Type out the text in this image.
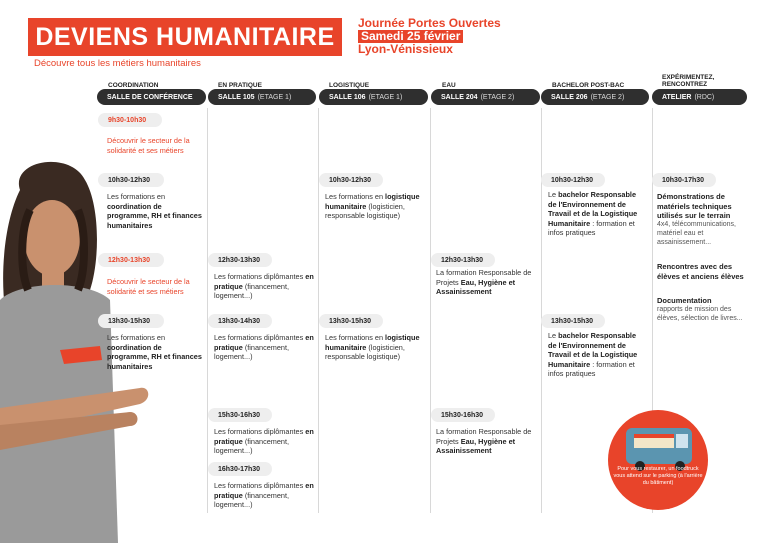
DEVIENS HUMANITAIRE
Découvre tous les métiers humanitaires
Journée Portes Ouvertes
Samedi 25 février
Lyon-Vénissieux
COORDINATION
SALLE DE CONFÉRENCE
EN PRATIQUE
SALLE 105 (ETAGE 1)
LOGISTIQUE
SALLE 106 (ETAGE 1)
EAU
SALLE 204 (ETAGE 2)
BACHELOR POST-BAC
SALLE 206 (ETAGE 2)
EXPÉRIMENTEZ, RENCONTREZ
ATELIER (RDC)
9h30-10h30
Découvrir le secteur de la solidarité et ses métiers
10h30-12h30
Les formations en coordination de programme, RH et finances humanitaires
12h30-13h30
Découvrir le secteur de la solidarité et ses métiers
13h30-15h30
Les formations en coordination de programme, RH et finances humanitaires
12h30-13h30
Les formations diplômantes en pratique (financement, logement...)
13h30-14h30
Les formations diplômantes en pratique (financement, logement...)
15h30-16h30
Les formations diplômantes en pratique (financement, logement...)
16h30-17h30
Les formations diplômantes en pratique (financement, logement...)
10h30-12h30
Les formations en logistique humanitaire (logisticien, responsable logistique)
13h30-15h30
Les formations en logistique humanitaire (logisticien, responsable logistique)
12h30-13h30
La formation Responsable de Projets Eau, Hygiène et Assainissement
15h30-16h30
La formation Responsable de Projets Eau, Hygiène et Assainissement
10h30-12h30
Le bachelor Responsable de l'Environnement de Travail et de la Logistique Humanitaire : formation et infos pratiques
13h30-15h30
Le bachelor Responsable de l'Environnement de Travail et de la Logistique Humanitaire : formation et infos pratiques
10h30-17h30
Démonstrations de matériels techniques utilisés sur le terrain
4x4, télécommunications, matériel eau et assainissement...
Rencontres avec des élèves et anciens élèves
Documentation
rapports de mission des élèves, sélection de livres...
Pour vous restaurer, un foodtruck vous attend sur le parking (à l'arrière du bâtiment)
